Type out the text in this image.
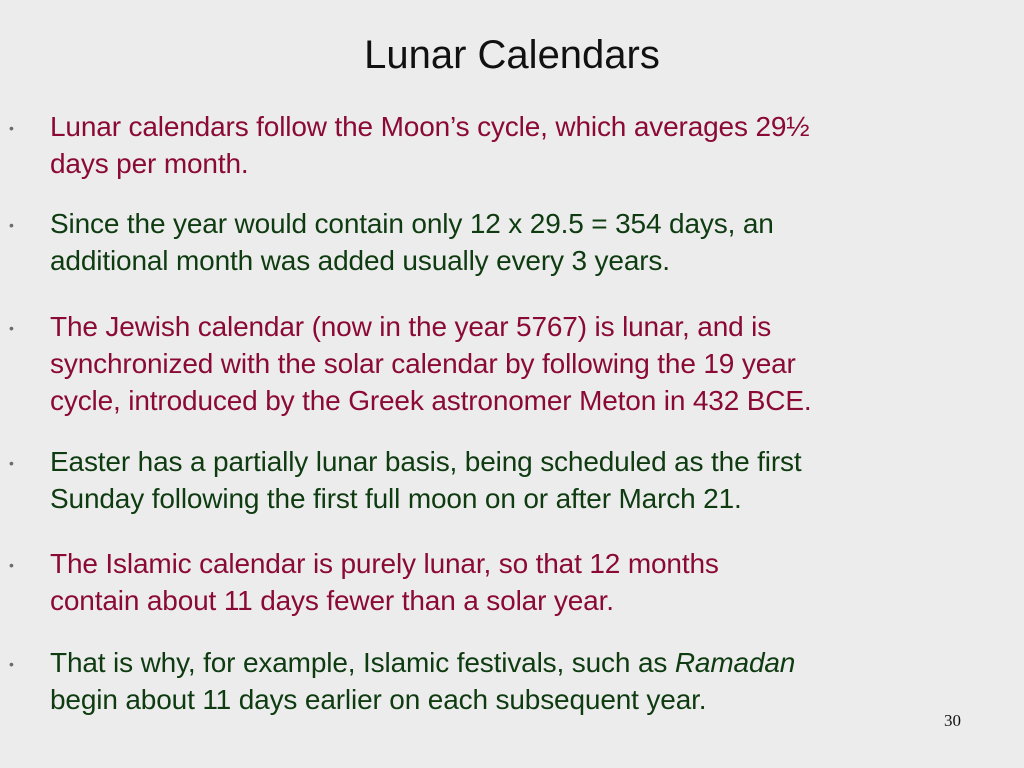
Lunar Calendars
• Lunar calendars follow the Moon’s cycle, which averages 29½
days per month.
• Since the year would contain only 12 x 29.5 = 354 days, an
additional month was added usually every 3 years.
• The Jewish calendar (now in the year 5767) is lunar, and is
synchronized with the solar calendar by following the 19 year
cycle, introduced by the Greek astronomer Meton in 432 BCE.
• Easter has a partially lunar basis, being scheduled as the first
Sunday following the first full moon on or after March 21.
• The Islamic calendar is purely lunar, so that 12 months
contain about 11 days fewer than a solar year.
• That is why, for example, Islamic festivals, such as Ramadan
begin about 11 days earlier on each subsequent year.
30
